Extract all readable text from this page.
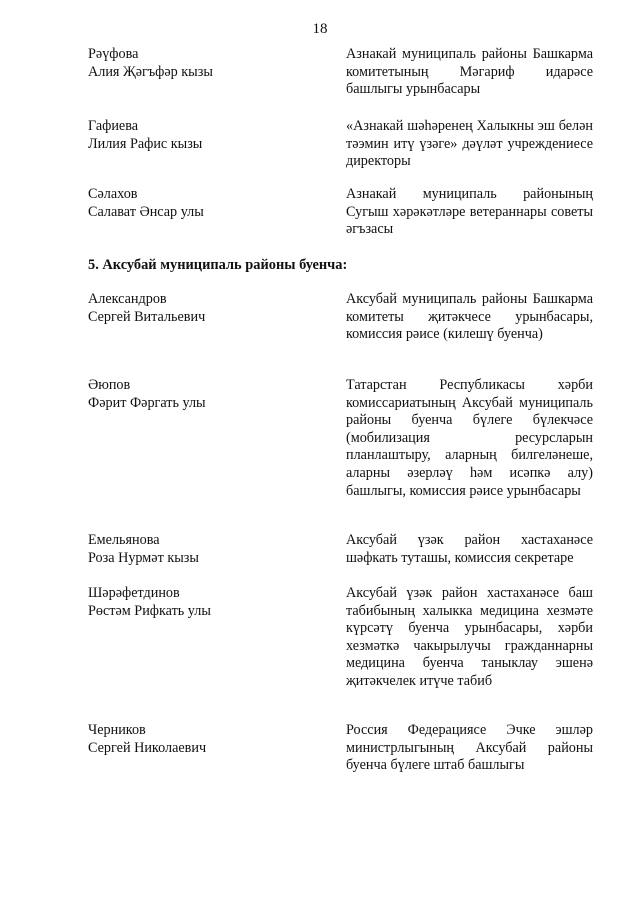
18
Рәүфова
Алия Җәгъфәр кызы
Азнакай муниципаль районы Башкарма комитетының Мәгариф идарәсе башлыгы урынбасары
Гафиева
Лилия Рафис кызы
«Азнакай шәһәренең Халыкны эш белән тәэмин итү үзәге» дәүләт учреждениесе директоры
Сәлахов
Салават Әнсар улы
Азнакай муниципаль районының Сугыш хәрәкәтләре ветераннары советы әгъзасы
5. Аксубай муниципаль районы буенча:
Александров
Сергей Витальевич
Аксубай муниципаль районы Башкарма комитеты җитәкчесе урынбасары, комиссия рәисе (килешү буенча)
Әюпов
Фәрит Фәргать улы
Татарстан Республикасы хәрби комиссариатының Аксубай муниципаль районы буенча бүлеге бүлекчәсе (мобилизация ресурсларын планлаштыру, аларның билгеләнеше, аларны әзерләү һәм исәпкә алу) башлыгы, комиссия рәисе урынбасары
Емельянова
Роза Нурмәт кызы
Аксубай үзәк район хастаханәсе шәфкать туташы, комиссия секретаре
Шәрәфетдинов
Рөстәм Рифкать улы
Аксубай үзәк район хастаханәсе баш табибының халыкка медицина хезмәте күрсәтү буенча урынбасары, хәрби хезмәткә чакырылучы гражданнарны медицина буенча таныклау эшенә җитәкчелек итүче табиб
Черников
Сергей Николаевич
Россия Федерациясе Эчке эшләр министрлыгының Аксубай районы буенча бүлеге штаб башлыгы
